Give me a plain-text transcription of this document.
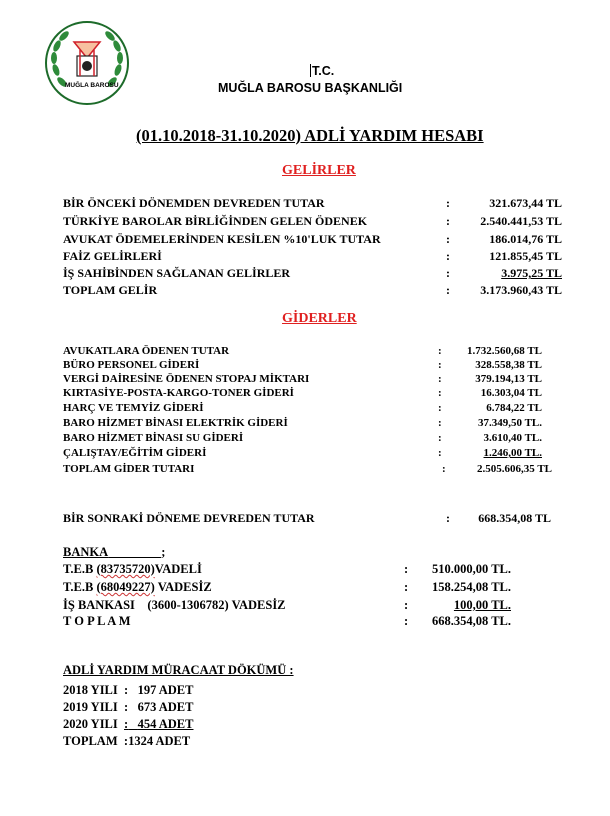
MUĞLA BAROSU
T.C.
MUĞLA BAROSU BAŞKANLIĞI
(01.10.2018-31.10.2020) ADLİ YARDIM HESABI
GELİRLER
BİR ÖNCEKİ DÖNEMDEN DEVREDEN TUTAR	:	321.673,44 TL
TÜRKİYE BAROLAR BİRLİĞİNDEN GELEN ÖDENEK	:	2.540.441,53 TL
AVUKAT ÖDEMELERİNDEN KESİLEN %10'LUK TUTAR	:	186.014,76 TL
FAİZ GELİRLERİ	:	121.855,45 TL
İŞ SAHİBİNDEN SAĞLANAN GELİRLER	:	3.975,25 TL
TOPLAM GELİR	:	3.173.960,43 TL
GİDERLER
AVUKATLARA ÖDENEN TUTAR	:	1.732.560,68 TL
BÜRO PERSONEL GİDERİ	:	328.558,38 TL
VERGİ DAİRESİNE ÖDENEN STOPAJ MİKTARI	:	379.194,13 TL
KIRTASİYE-POSTA-KARGO-TONER GİDERİ	:	16.303,04 TL
HARÇ VE TEMYİZ GİDERİ	:	6.784,22 TL
BARO HİZMET BİNASI ELEKTRİK GİDERİ	:	37.349,50 TL.
BARO HİZMET BİNASI SU GİDERİ	:	3.610,40 TL.
ÇALIŞTAY/EĞİTİM GİDERİ	:	1.246,00 TL.
TOPLAM GİDER TUTARI	:	2.505.606,35 TL
BİR SONRAKİ DÖNEME DEVREDEN TUTAR	:	668.354,08 TL
BANKA	;
T.E.B (83735720)VADELİ	:	510.000,00 TL.
T.E.B (68049227) VADESİZ	:	158.254,08 TL.
İŞ BANKASI (3600-1306782) VADESİZ	:	100,00 TL.
T O P L A M	:	668.354,08 TL.
ADLİ YARDIM MÜRACAAT DÖKÜMÜ :
2018 YILI : 197 ADET
2019 YILI : 673 ADET
2020 YILI : 454 ADET
TOPLAM :1324 ADET
